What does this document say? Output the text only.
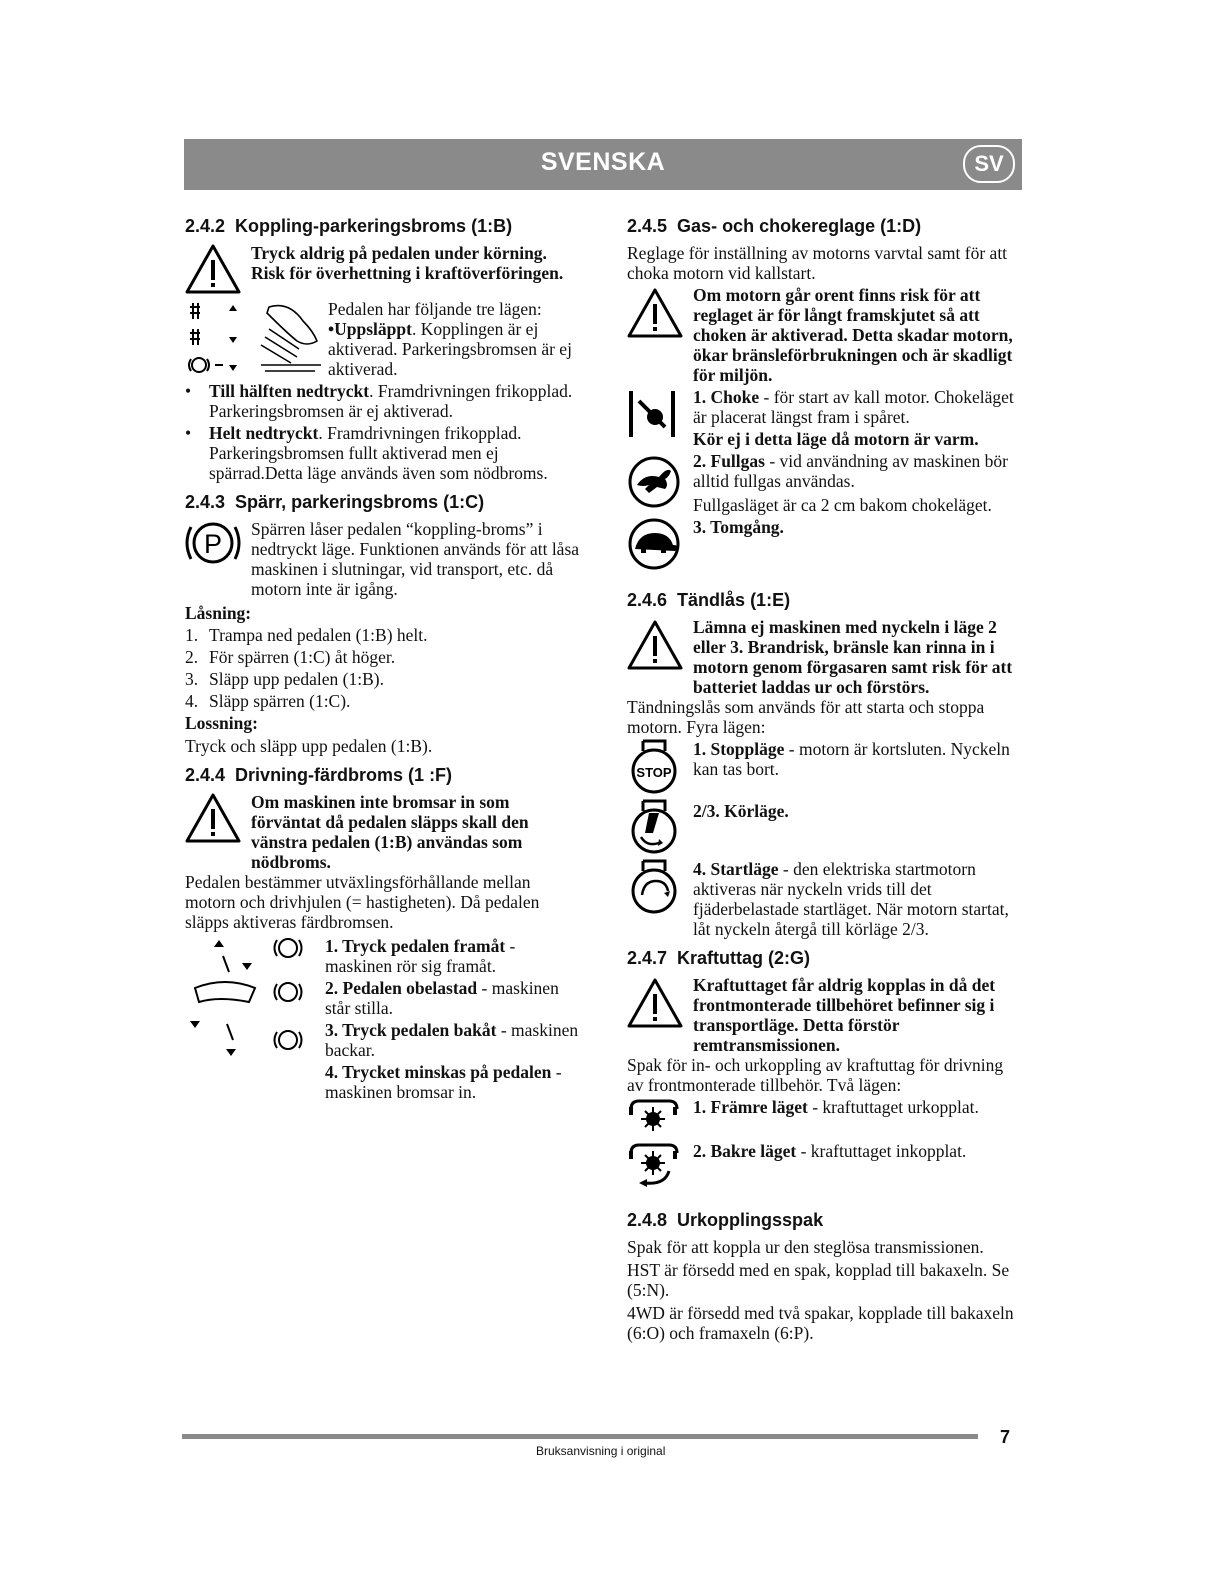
SVENSKA	SV
2.4.2 Koppling-parkeringsbroms (1:B)

Tryck aldrig på pedalen under körning. Risk för överhettning i kraftöverföringen.

Pedalen har följande tre lägen:
•Uppsläppt. Kopplingen är ej aktiverad. Parkeringsbromsen är ej aktiverad.

• Till hälften nedtryckt. Framdrivningen frikopplad. Parkeringsbromsen är ej aktiverad.
• Helt nedtryckt. Framdrivningen frikopplad. Parkeringsbromsen fullt aktiverad men ej spärrad.Detta läge används även som nödbroms.
2.4.3 Spärr, parkeringsbroms (1:C)
P Spärren låser pedalen “koppling-broms” i nedtryckt läge. Funktionen används för att låsa maskinen i slutningar, vid transport, etc. då motorn inte är igång.

Låsning:

1. Trampa ned pedalen (1:B) helt.
2. För spärren (1:C) åt höger.
3. Släpp upp pedalen (1:B).
4. Släpp spärren (1:C).

Lossning:

Tryck och släpp upp pedalen (1:B).

2.4.4 Drivning-färdbroms (1 :F)

Om maskinen inte bromsar in som förväntat då pedalen släpps skall den vänstra pedalen (1:B) användas som nödbroms.

Pedalen bestämmer utväxlingsförhållande mellan motorn och drivhjulen (= hastigheten). Då pedalen släpps aktiveras färdbromsen.

1. Tryck pedalen framåt - maskinen rör sig framåt.

2. Pedalen obelastad - maskinen står stilla.

3. Tryck pedalen bakåt - maskinen backar.

4. Trycket minskas på pedalen - maskinen bromsar in.

2.4.5 Gas- och chokereglage (1:D)

Reglage för inställning av motorns varvtal samt för att choka motorn vid kallstart.

Om motorn går orent finns risk för att reglaget är för långt framskjutet så att choken är aktiverad. Detta skadar motorn, ökar bränsleförbrukningen och är skadligt för miljön.

1. Choke - för start av kall motor. Chokeläget är placerat längst fram i spåret.

Kör ej i detta läge då motorn är varm.

2. Fullgas - vid användning av maskinen bör alltid fullgas användas.

Fullgasläget är ca 2 cm bakom chokeläget.

3. Tomgång.

2.4.6 Tändlås (1:E)

Lämna ej maskinen med nyckeln i läge 2 eller 3. Brandrisk, bränsle kan rinna in i motorn genom förgasaren samt risk för att batteriet laddas ur och förstörs.

Tändningslås som används för att starta och stoppa motorn. Fyra lägen:

STOP

1. Stoppläge - motorn är kortsluten. Nyckeln kan tas bort.

2/3. Körläge.

4. Startläge - den elektriska startmotorn aktiveras när nyckeln vrids till det fjäderbelastade startläget. När motorn startat, låt nyckeln återgå till körläge 2/3.

2.4.7 Kraftuttag (2:G)

Kraftuttaget får aldrig kopplas in då det frontmonterade tillbehöret befinner sig i transportläge. Detta förstör remtransmissionen.

Spak för in- och urkoppling av kraftuttag för drivning av frontmonterade tillbehör. Två lägen:

1. Främre läget - kraftuttaget urkopplat.

2. Bakre läget - kraftuttaget inkopplat.

2.4.8 Urkopplingsspak

Spak för att koppla ur den steglösa transmissionen.

HST är försedd med en spak, kopplad till bakaxeln. Se (5:N).

4WD är försedd med två spakar, kopplade till bakaxeln (6:O) och framaxeln (6:P).

7
Bruksanvisning i original
